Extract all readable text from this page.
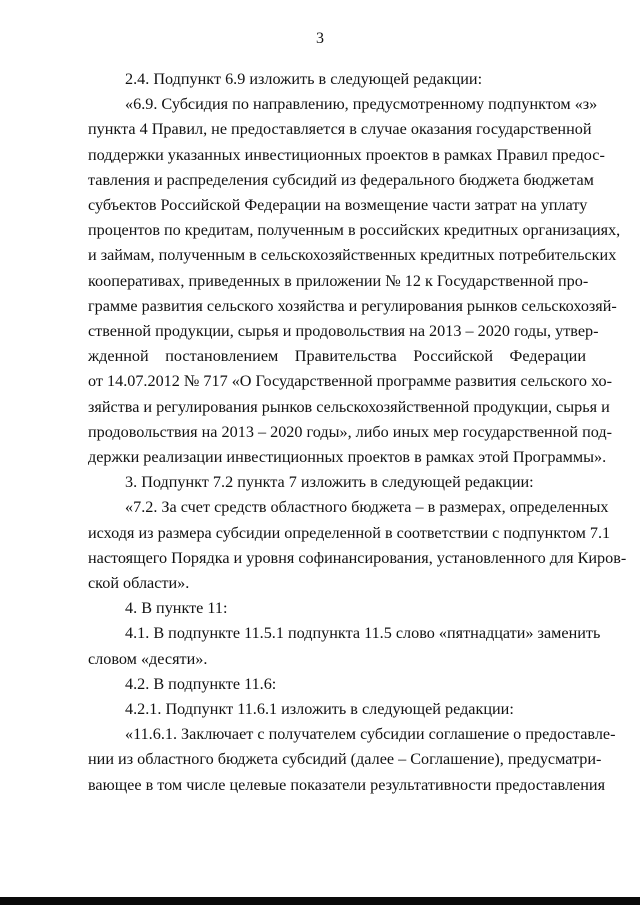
3
2.4. Подпункт 6.9 изложить в следующей редакции:
«6.9. Субсидия по направлению, предусмотренному подпунктом «з»
пункта 4 Правил, не предоставляется в случае оказания государственной
поддержки указанных инвестиционных проектов в рамках Правил предос-
тавления и распределения субсидий из федерального бюджета бюджетам
субъектов Российской Федерации на возмещение части затрат на уплату
процентов по кредитам, полученным в российских кредитных организациях,
и займам, полученным в сельскохозяйственных кредитных потребительских
кооперативах, приведенных в приложении № 12 к Государственной про-
грамме развития сельского хозяйства и регулирования рынков сельскохозяй-
ственной продукции, сырья и продовольствия на 2013 – 2020 годы, утвер-
жденной постановлением Правительства Российской Федерации
от 14.07.2012 № 717 «О Государственной программе развития сельского хо-
зяйства и регулирования рынков сельскохозяйственной продукции, сырья и
продовольствия на 2013 – 2020 годы», либо иных мер государственной под-
держки реализации инвестиционных проектов в рамках этой Программы».
3. Подпункт 7.2 пункта 7 изложить в следующей редакции:
«7.2. За счет средств областного бюджета – в размерах, определенных
исходя из размера субсидии определенной в соответствии с подпунктом 7.1
настоящего Порядка и уровня софинансирования, установленного для Киров-
ской области».
4. В пункте 11:
4.1. В подпункте 11.5.1 подпункта 11.5 слово «пятнадцати» заменить
словом «десяти».
4.2. В подпункте 11.6:
4.2.1. Подпункт 11.6.1 изложить в следующей редакции:
«11.6.1. Заключает с получателем субсидии соглашение о предоставле-
нии из областного бюджета субсидий (далее – Соглашение), предусматри-
вающее в том числе целевые показатели результативности предоставления
